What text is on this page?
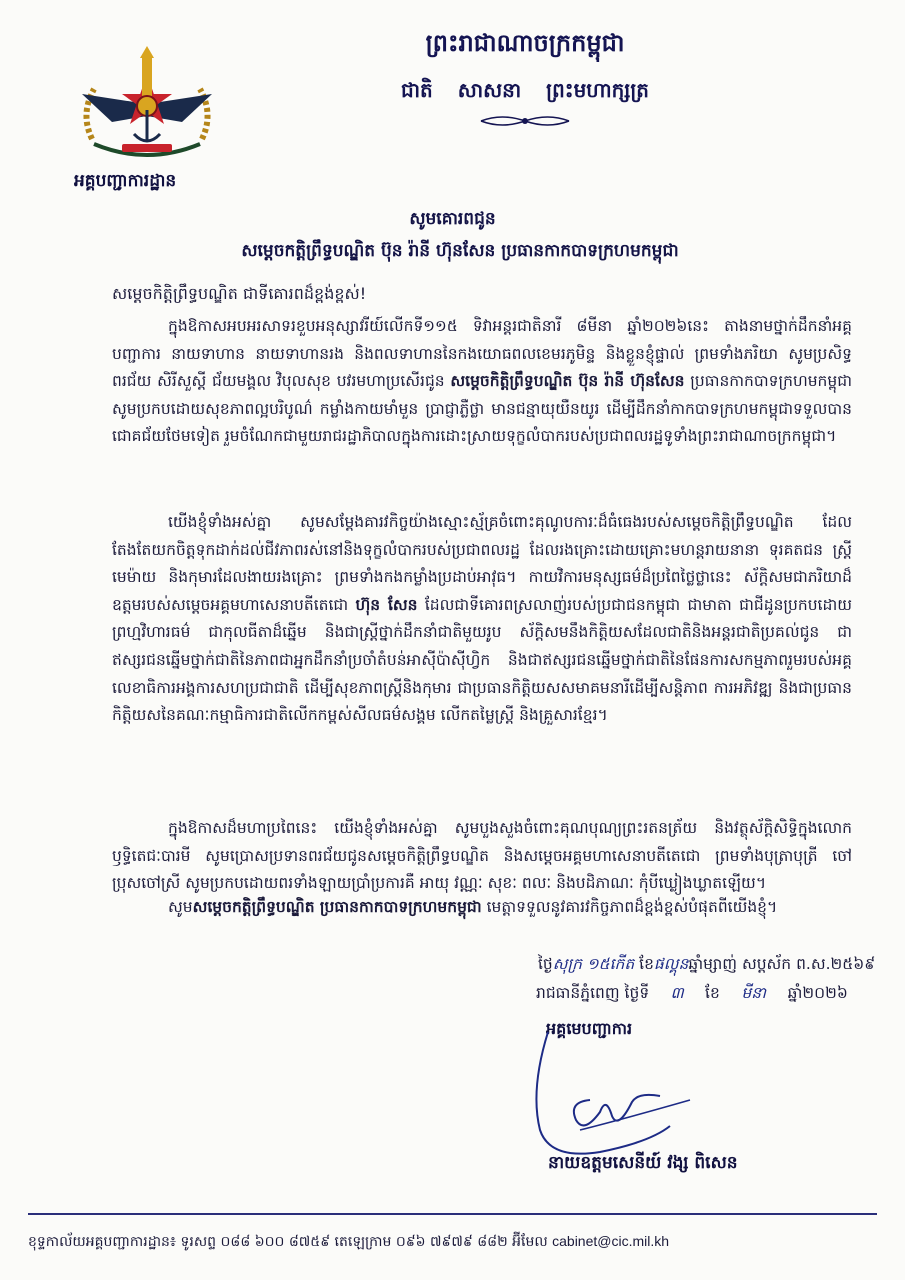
អគ្គបញ្ជាការដ្ឋាន
ព្រះរាជាណាចក្រកម្ពុជា
ជាតិ សាសនា ព្រះមហាក្សត្រ
សូមគោរពជូន
សម្តេចកត្តិព្រឹទ្ធបណ្ឌិត ប៊ុន រ៉ានី ហ៊ុនសែន ប្រធានកាកបាទក្រហមកម្ពុជា
សម្តេចកិត្តិព្រឹទ្ធបណ្ឌិត ជាទីគោរពដ៏ខ្ពង់ខ្ពស់!

ក្នុងឱកាសអបអរសាទរខួបអនុស្សាវរីយ៍លើកទី១១៥ ទិវាអន្តរជាតិនារី ៨មីនា ឆ្នាំ២០២៦នេះ តាងនាមថ្នាក់ដឹកនាំអគ្គបញ្ជាការ នាយទាហាន នាយទាហានរង និងពលទាហាននៃកងយោធពលខេមរភូមិន្ទ និងខ្លួនខ្ញុំផ្ទាល់ ព្រមទាំងភរិយា សូមប្រសិទ្ធពរជ័យ សិរីសួស្តី ជ័យមង្គល វិបុលសុខ បវរមហាប្រសើរជូន សម្តេចកិត្តិព្រឹទ្ធបណ្ឌិត ប៊ុន រ៉ានី ហ៊ុនសែន ប្រធានកាកបាទក្រហមកម្ពុជា សូមប្រកបដោយសុខភាពល្អបរិបូណ៌ កម្លាំងកាយមាំមួន ប្រាជ្ញាភ្លឺថ្លា មានជន្មាយុយឺនយូរ ដើម្បីដឹកនាំកាកបាទក្រហមកម្ពុជាទទួលបានជោគជ័យថែមទៀត រួមចំណែកជាមួយរាជរដ្ឋាភិបាលក្នុងការដោះស្រាយទុក្ខលំបាករបស់ប្រជាពលរដ្ឋទូទាំងព្រះរាជាណាចក្រកម្ពុជា។

យើងខ្ញុំទាំងអស់គ្នា សូមសម្តែងគារវកិច្ចយ៉ាងស្មោះស្ម័គ្រចំពោះគុណូបការៈដ៏ធំធេងរបស់សម្តេចកិត្តិព្រឹទ្ធបណ្ឌិត ដែលតែងតែយកចិត្តទុកដាក់ដល់ជីវភាពរស់នៅនិងទុក្ខលំបាករបស់ប្រជាពលរដ្ឋ ដែលរងគ្រោះដោយគ្រោះមហន្តរាយនានា ទុរគតជន ស្ត្រីមេម៉ាយ និងកុមារដែលងាយរងគ្រោះ ព្រមទាំងកងកម្លាំងប្រដាប់អាវុធ។ កាយវិការមនុស្សធម៌ដ៏ប្រពៃថ្លៃថ្លានេះ ស័ក្តិសមជាភរិយាដ៏ឧត្តមរបស់សម្តេចអគ្គមហាសេនាបតីតេជោ ហ៊ុន សែន ដែលជាទីគោរពស្រលាញ់របស់ប្រជាជនកម្ពុជា ជាមាតា ជាជីដូនប្រកបដោយព្រហ្មវិហារធម៌ ជាកុលធីតាដ៏ឆ្នើម និងជាស្ត្រីថ្នាក់ដឹកនាំជាតិមួយរូប ស័ក្តិសមនឹងកិត្តិយសដែលជាតិនិងអន្តរជាតិប្រគល់ជូន ជាឥស្សរជនឆ្នើមថ្នាក់ជាតិនៃភាពជាអ្នកដឹកនាំប្រចាំតំបន់អាស៊ីប៉ាស៊ីហ្វិក និងជាឥស្សរជនឆ្នើមថ្នាក់ជាតិនៃផែនការសកម្មភាពរួមរបស់អគ្គលេខាធិការអង្គការសហប្រជាជាតិ ដើម្បីសុខភាពស្ត្រីនិងកុមារ ជាប្រធានកិត្តិយសសមាគមនារីដើម្បីសន្តិភាព ការអភិវឌ្ឍ និងជាប្រធានកិត្តិយសនៃគណៈកម្មាធិការជាតិលើកកម្ពស់សីលធម៌សង្គម លើកតម្លៃស្ត្រី និងគ្រួសារខ្មែរ។

ក្នុងឱកាសដ៏មហាប្រពៃនេះ យើងខ្ញុំទាំងអស់គ្នា សូមបួងសួងចំពោះគុណបុណ្យព្រះរតនត្រ័យ និងវត្ថុស័ក្តិសិទ្ធិក្នុងលោក ឫទ្ធិតេជៈបារមី សូមប្រោសប្រទានពរជ័យជូនសម្តេចកិត្តិព្រឹទ្ធបណ្ឌិត និងសម្តេចអគ្គមហាសេនាបតីតេជោ ព្រមទាំងបុត្រាបុត្រី ចៅប្រុសចៅស្រី សូមប្រកបដោយពរទាំងឡាយប្រាំប្រការគឺ អាយុ វណ្ណៈ សុខៈ ពលៈ និងបដិភាណៈ កុំបីឃ្លៀងឃ្លាតឡើយ។

សូមសម្តេចកត្តិព្រឹទ្ធបណ្ឌិត ប្រធានកាកបាទក្រហមកម្ពុជា មេត្តាទទួលនូវគារវកិច្ចភាពដ៏ខ្ពង់ខ្ពស់បំផុតពីយើងខ្ញុំ។

ថ្ងៃសុក្រ ១៥កើត ខែផល្គុនឆ្នាំម្សាញ់ សប្តស័ក ព.ស.២៥៦៩
រាជធានីភ្នំពេញ ថ្ងៃទី ៣ ខែ មីនា ឆ្នាំ២០២៦
អគ្គមេបញ្ជាការ
នាយឧត្តមសេនីយ៍ វង្ស ពិសេន
ខុទ្ទកាល័យអគ្គបញ្ជាការដ្ឋាន៖ ទូរសព្ទ ០៨៨ ៦០០ ៨៧៥៩ តេឡេក្រាម ០៩៦ ៧៩៧៩ ៨៨២ អ៊ីមែល cabinet@cic.mil.kh
